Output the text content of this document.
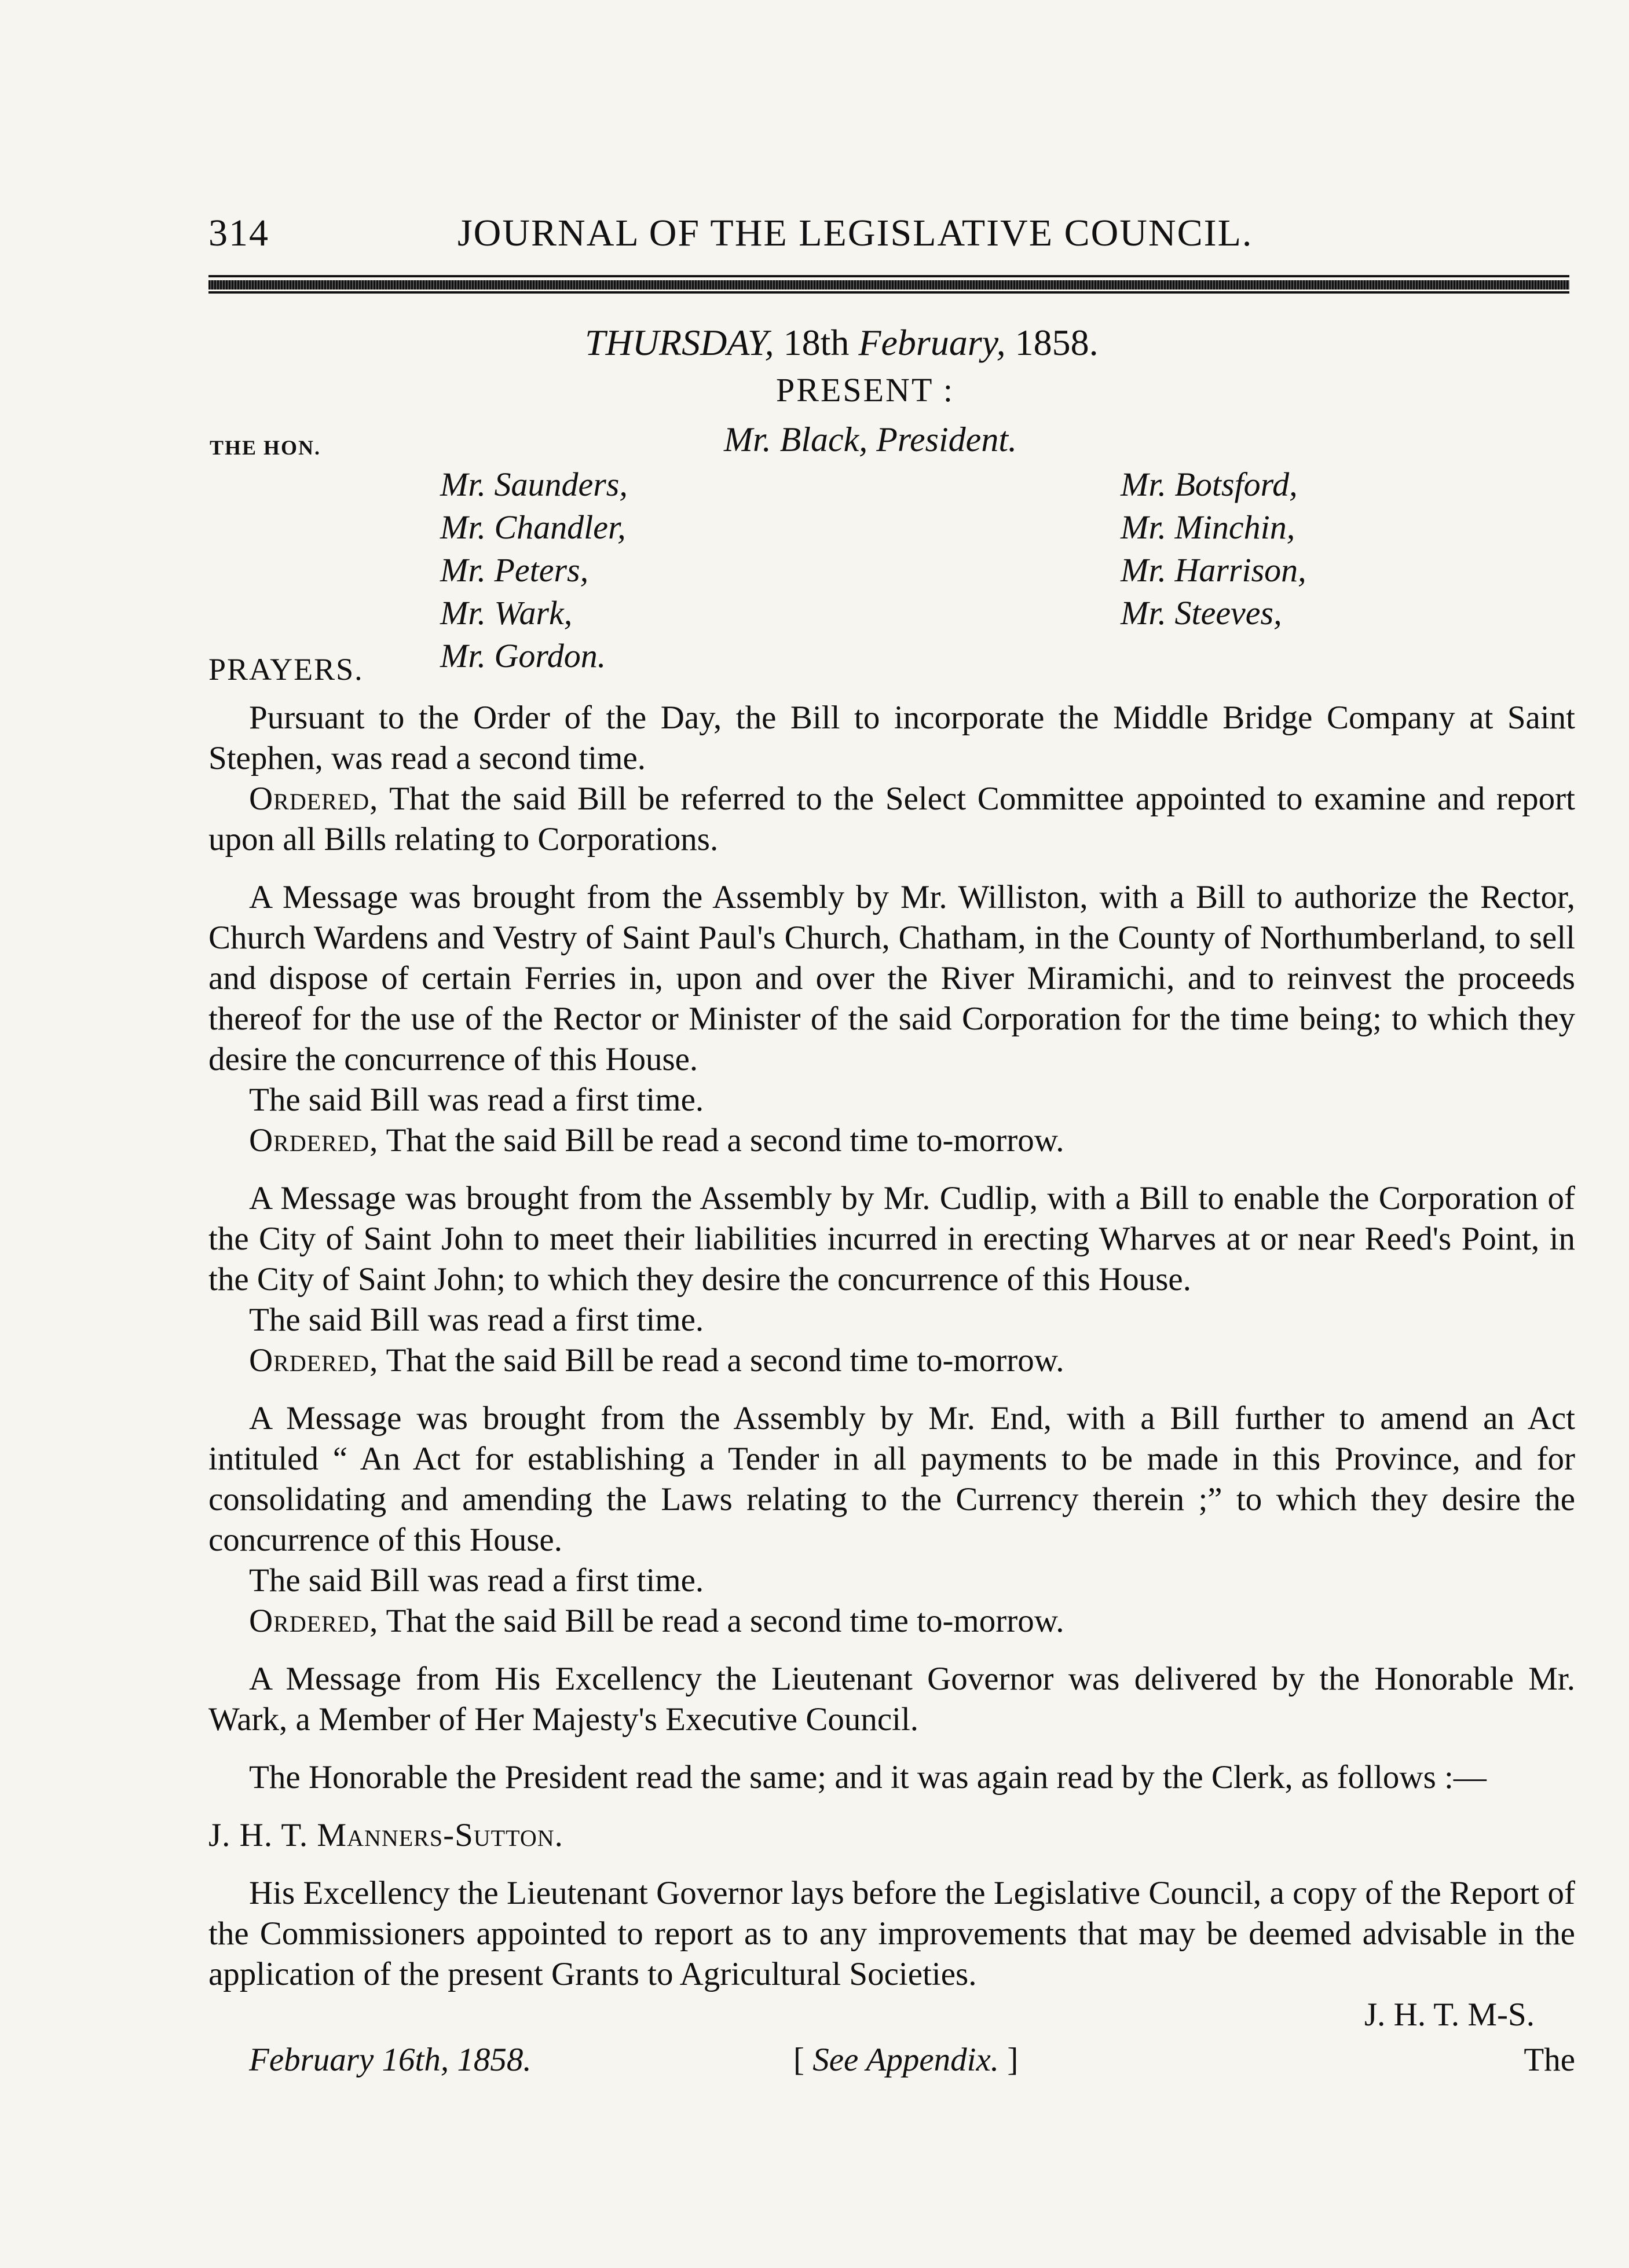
314	JOURNAL OF THE LEGISLATIVE COUNCIL.
THURSDAY, 18th February, 1858.
PRESENT :
THE HON.	Mr. Black, President.
Mr. Saunders,
Mr. Chandler,
Mr. Peters,
Mr. Wark,
Mr. Gordon.
Mr. Botsford,
Mr. Minchin,
Mr. Harrison,
Mr. Steeves,
PRAYERS.

Pursuant to the Order of the Day, the Bill to incorporate the Middle Bridge Company at Saint Stephen, was read a second time.

Ordered, That the said Bill be referred to the Select Committee appointed to examine and report upon all Bills relating to Corporations.

A Message was brought from the Assembly by Mr. Williston, with a Bill to authorize the Rector, Church Wardens and Vestry of Saint Paul's Church, Chatham, in the County of Northumberland, to sell and dispose of certain Ferries in, upon and over the River Miramichi, and to reinvest the proceeds thereof for the use of the Rector or Minister of the said Corporation for the time being; to which they desire the concurrence of this House.

The said Bill was read a first time.

Ordered, That the said Bill be read a second time to-morrow.

A Message was brought from the Assembly by Mr. Cudlip, with a Bill to enable the Corporation of the City of Saint John to meet their liabilities incurred in erecting Wharves at or near Reed's Point, in the City of Saint John; to which they desire the concurrence of this House.

The said Bill was read a first time.

Ordered, That the said Bill be read a second time to-morrow.

A Message was brought from the Assembly by Mr. End, with a Bill further to amend an Act intituled “ An Act for establishing a Tender in all payments to be made in this Province, and for consolidating and amending the Laws relating to the Currency therein ;” to which they desire the concurrence of this House.

The said Bill was read a first time.

Ordered, That the said Bill be read a second time to-morrow.

A Message from His Excellency the Lieutenant Governor was delivered by the Honorable Mr. Wark, a Member of Her Majesty's Executive Council.

The Honorable the President read the same; and it was again read by the Clerk, as follows :—

J. H. T. Manners-Sutton.

His Excellency the Lieutenant Governor lays before the Legislative Council, a copy of the Report of the Commissioners appointed to report as to any improvements that may be deemed advisable in the application of the present Grants to Agricultural Societies.

J. H. T. M-S.

February 16th, 1858.	[ See Appendix. ]	The
